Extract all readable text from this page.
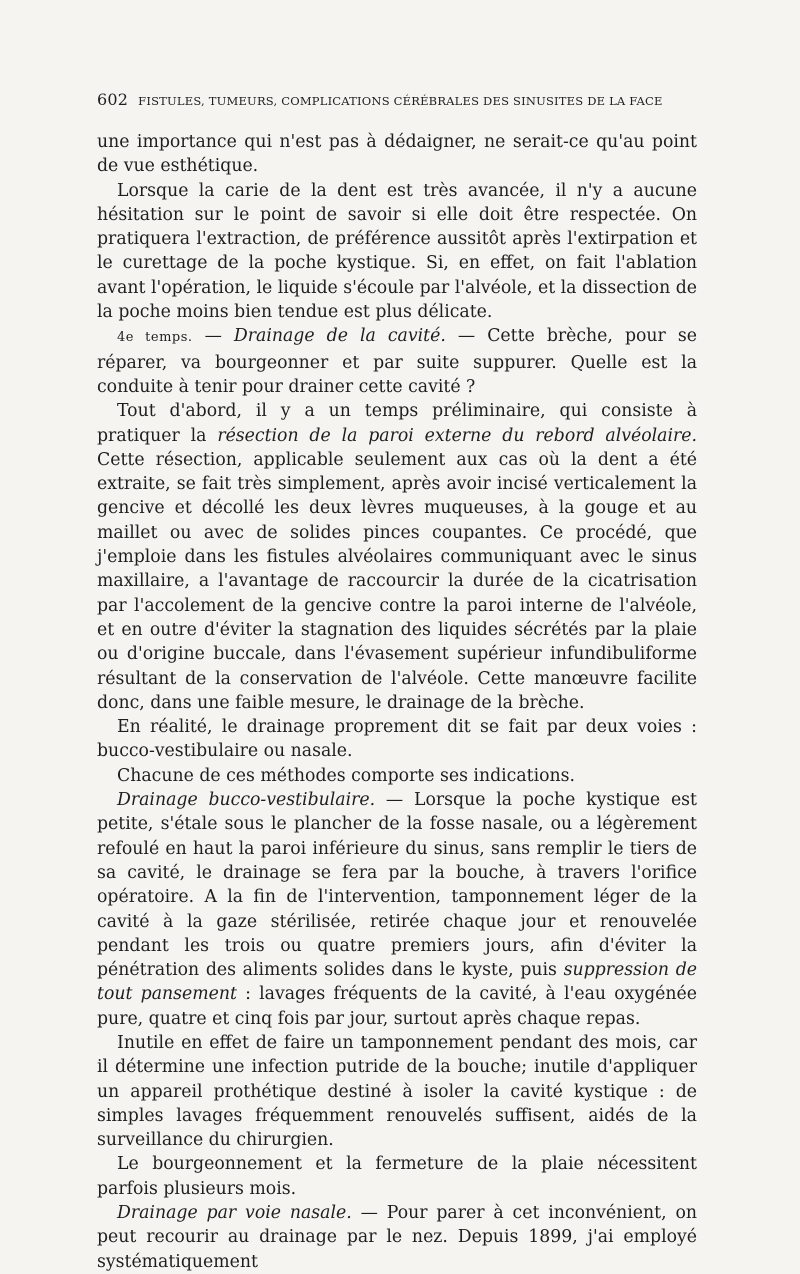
602 FISTULES, TUMEURS, COMPLICATIONS CÉRÉBRALES DES SINUSITES DE LA FACE

une importance qui n'est pas à dédaigner, ne serait-ce qu'au point de vue esthétique.

Lorsque la carie de la dent est très avancée, il n'y a aucune hésitation sur le point de savoir si elle doit être respectée. On pratiquera l'extraction, de préférence aussitôt après l'extirpation et le curettage de la poche kystique. Si, en effet, on fait l'ablation avant l'opération, le liquide s'écoule par l'alvéole, et la dissection de la poche moins bien tendue est plus délicate.

4e temps. — Drainage de la cavité. — Cette brèche, pour se réparer, va bourgeonner et par suite suppurer. Quelle est la conduite à tenir pour drainer cette cavité ?

Tout d'abord, il y a un temps préliminaire, qui consiste à pratiquer la résection de la paroi externe du rebord alvéolaire. Cette résection, applicable seulement aux cas où la dent a été extraite, se fait très simplement, après avoir incisé verticalement la gencive et décollé les deux lèvres muqueuses, à la gouge et au maillet ou avec de solides pinces coupantes. Ce procédé, que j'emploie dans les fistules alvéolaires communiquant avec le sinus maxillaire, a l'avantage de raccourcir la durée de la cicatrisation par l'accolement de la gencive contre la paroi interne de l'alvéole, et en outre d'éviter la stagnation des liquides sécrétés par la plaie ou d'origine buccale, dans l'évasement supérieur infundibuliforme résultant de la conservation de l'alvéole. Cette manœuvre facilite donc, dans une faible mesure, le drainage de la brèche.

En réalité, le drainage proprement dit se fait par deux voies : bucco-vestibulaire ou nasale.

Chacune de ces méthodes comporte ses indications.

Drainage bucco-vestibulaire. — Lorsque la poche kystique est petite, s'étale sous le plancher de la fosse nasale, ou a légèrement refoulé en haut la paroi inférieure du sinus, sans remplir le tiers de sa cavité, le drainage se fera par la bouche, à travers l'orifice opératoire. A la fin de l'intervention, tamponnement léger de la cavité à la gaze stérilisée, retirée chaque jour et renouvelée pendant les trois ou quatre premiers jours, afin d'éviter la pénétration des aliments solides dans le kyste, puis suppression de tout pansement : lavages fréquents de la cavité, à l'eau oxygénée pure, quatre et cinq fois par jour, surtout après chaque repas.

Inutile en effet de faire un tamponnement pendant des mois, car il détermine une infection putride de la bouche; inutile d'appliquer un appareil prothétique destiné à isoler la cavité kystique : de simples lavages fréquemment renouvelés suffisent, aidés de la surveillance du chirurgien.

Le bourgeonnement et la fermeture de la plaie nécessitent parfois plusieurs mois.

Drainage par voie nasale. — Pour parer à cet inconvénient, on peut recourir au drainage par le nez. Depuis 1899, j'ai employé systématiquement
